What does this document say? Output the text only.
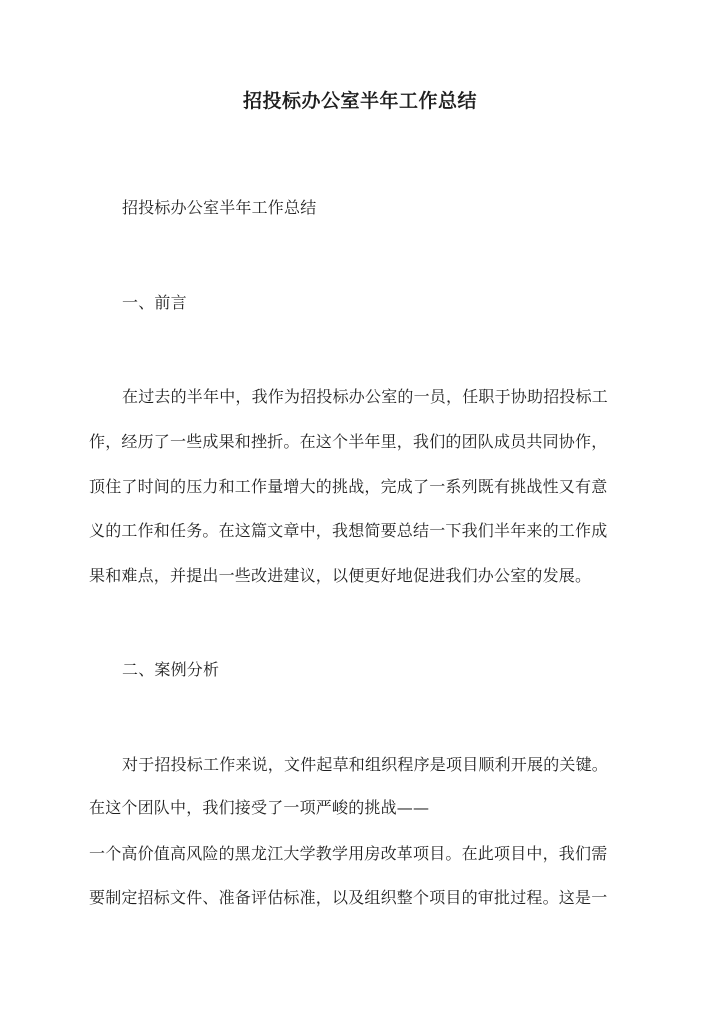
招投标办公室半年工作总结
招投标办公室半年工作总结
一、前言
在过去的半年中，我作为招投标办公室的一员，任职于协助招投标工
作，经历了一些成果和挫折。在这个半年里，我们的团队成员共同协作，
顶住了时间的压力和工作量增大的挑战，完成了一系列既有挑战性又有意
义的工作和任务。在这篇文章中，我想简要总结一下我们半年来的工作成
果和难点，并提出一些改进建议，以便更好地促进我们办公室的发展。
二、案例分析
对于招投标工作来说，文件起草和组织程序是项目顺利开展的关键。
在这个团队中，我们接受了一项严峻的挑战——
一个高价值高风险的黑龙江大学教学用房改革项目。在此项目中，我们需
要制定招标文件、准备评估标准，以及组织整个项目的审批过程。这是一
